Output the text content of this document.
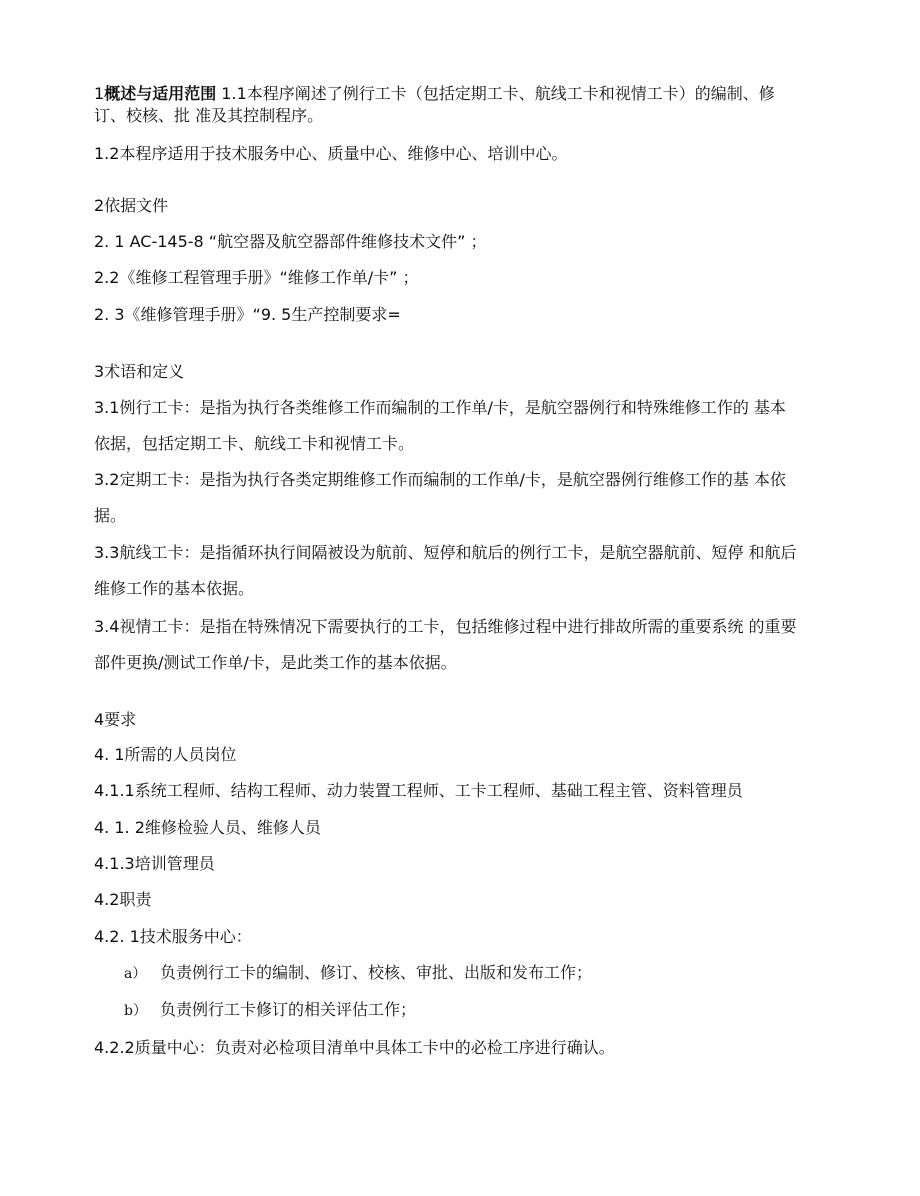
1概述与适用范围 1.1本程序阐述了例行工卡（包括定期工卡、航线工卡和视情工卡）的编制、修
订、校核、批 准及其控制程序。
1.2本程序适用于技术服务中心、质量中心、维修中心、培训中心。
2依据文件
2. 1 AC-145-8 “航空器及航空器部件维修技术文件” ；
2.2《维修工程管理手册》“维修工作单/卡” ；
2. 3《维修管理手册》“9. 5生产控制要求=
3术语和定义
3.1例行工卡：是指为执行各类维修工作而编制的工作单/卡，是航空器例行和特殊维修工作的 基本
依据，包括定期工卡、航线工卡和视情工卡。
3.2定期工卡：是指为执行各类定期维修工作而编制的工作单/卡，是航空器例行维修工作的基 本依
据。
3.3航线工卡：是指循环执行间隔被设为航前、短停和航后的例行工卡，是航空器航前、短停 和航后
维修工作的基本依据。
3.4视情工卡：是指在特殊情况下需要执行的工卡，包括维修过程中进行排故所需的重要系统 的重要
部件更换/测试工作单/卡，是此类工作的基本依据。
4要求
4. 1所需的人员岗位
4.1.1系统工程师、结构工程师、动力装置工程师、工卡工程师、基础工程主管、资料管理员
4. 1. 2维修检验人员、维修人员
4.1.3培训管理员
4.2职责
4.2. 1技术服务中心：
a） 负责例行工卡的编制、修订、校核、审批、出版和发布工作；
b） 负责例行工卡修订的相关评估工作；
4.2.2质量中心：负责对必检项目清单中具体工卡中的必检工序进行确认。
